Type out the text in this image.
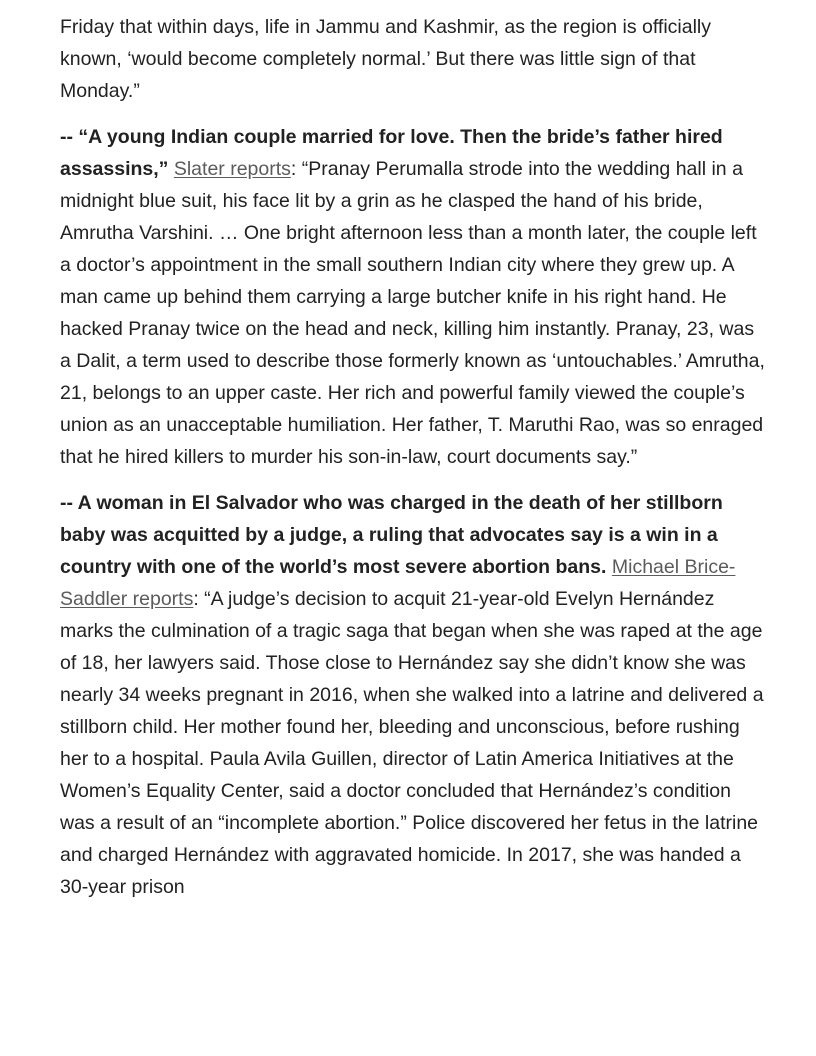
Friday that within days, life in Jammu and Kashmir, as the region is officially known, ‘would become completely normal.’ But there was little sign of that Monday.”

-- “A young Indian couple married for love. Then the bride’s father hired assassins,” Slater reports: “Pranay Perumalla strode into the wedding hall in a midnight blue suit, his face lit by a grin as he clasped the hand of his bride, Amrutha Varshini. … One bright afternoon less than a month later, the couple left a doctor’s appointment in the small southern Indian city where they grew up. A man came up behind them carrying a large butcher knife in his right hand. He hacked Pranay twice on the head and neck, killing him instantly. Pranay, 23, was a Dalit, a term used to describe those formerly known as ‘untouchables.’ Amrutha, 21, belongs to an upper caste. Her rich and powerful family viewed the couple’s union as an unacceptable humiliation. Her father, T. Maruthi Rao, was so enraged that he hired killers to murder his son-in-law, court documents say.”

-- A woman in El Salvador who was charged in the death of her stillborn baby was acquitted by a judge, a ruling that advocates say is a win in a country with one of the world’s most severe abortion bans. Michael Brice-Saddler reports: “A judge’s decision to acquit 21-year-old Evelyn Hernández marks the culmination of a tragic saga that began when she was raped at the age of 18, her lawyers said. Those close to Hernández say she didn’t know she was nearly 34 weeks pregnant in 2016, when she walked into a latrine and delivered a stillborn child. Her mother found her, bleeding and unconscious, before rushing her to a hospital. Paula Avila Guillen, director of Latin America Initiatives at the Women’s Equality Center, said a doctor concluded that Hernández’s condition was a result of an “incomplete abortion.” Police discovered her fetus in the latrine and charged Hernández with aggravated homicide. In 2017, she was handed a 30-year prison
